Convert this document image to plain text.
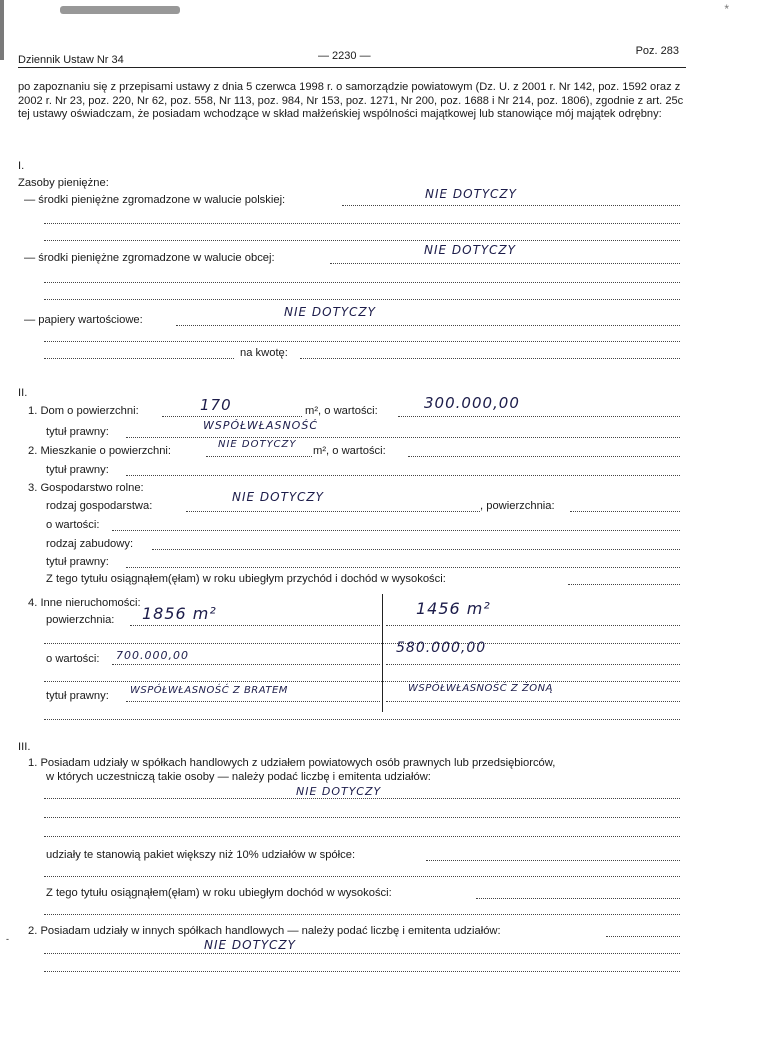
*
Dziennik Ustaw Nr 34	— 2230 —	Poz. 283
po zapoznaniu się z przepisami ustawy z dnia 5 czerwca 1998 r. o samorządzie powiatowym (Dz. U. z 2001 r. Nr 142, poz. 1592 oraz z 2002 r. Nr 23, poz. 220, Nr 62, poz. 558, Nr 113, poz. 984, Nr 153, poz. 1271, Nr 200, poz. 1688 i Nr 214, poz. 1806), zgodnie z art. 25c tej ustawy oświadczam, że posiadam wchodzące w skład małżeńskiej wspólności majątkowej lub stanowiące mój majątek odrębny:
I.
Zasoby pieniężne:
— środki pieniężne zgromadzone w walucie polskiej:	NIE DOTYCZY
— środki pieniężne zgromadzone w walucie obcej:
NIE DOTYCZY
— papiery wartościowe:
NIE DOTYCZY
na kwotę:
II.
1. Dom o powierzchni:	170	m², o wartości:	300.000,00
tytuł prawny:	WSPÓŁWŁASNOŚĆ
2. Mieszkanie o powierzchni:
NIE DOTYCZY
m², o wartości:
tytuł prawny:
3. Gospodarstwo rolne:
rodzaj gospodarstwa:
NIE DOTYCZY
, powierzchnia:
o wartości:
rodzaj zabudowy:
tytuł prawny:
Z tego tytułu osiągnąłem(ęłam) w roku ubiegłym przychód i dochód w wysokości:
4. Inne nieruchomości:
powierzchnia: 1856 m²	1456 m²
o wartości: 700.000,00	580.000,00
tytuł prawny: WSPÓŁWŁASNOŚĆ Z BRATEM	WSPÓŁWŁASNOŚĆ Z ŻONĄ
III.
1. Posiadam udziały w spółkach handlowych z udziałem powiatowych osób prawnych lub przedsiębiorców,
w których uczestniczą takie osoby — należy podać liczbę i emitenta udziałów:
NIE DOTYCZY
udziały te stanowią pakiet większy niż 10% udziałów w spółce:
Z tego tytułu osiągnąłem(ęłam) w roku ubiegłym dochód w wysokości:
-
2. Posiadam udziały w innych spółkach handlowych — należy podać liczbę i emitenta udziałów:
NIE DOTYCZY
